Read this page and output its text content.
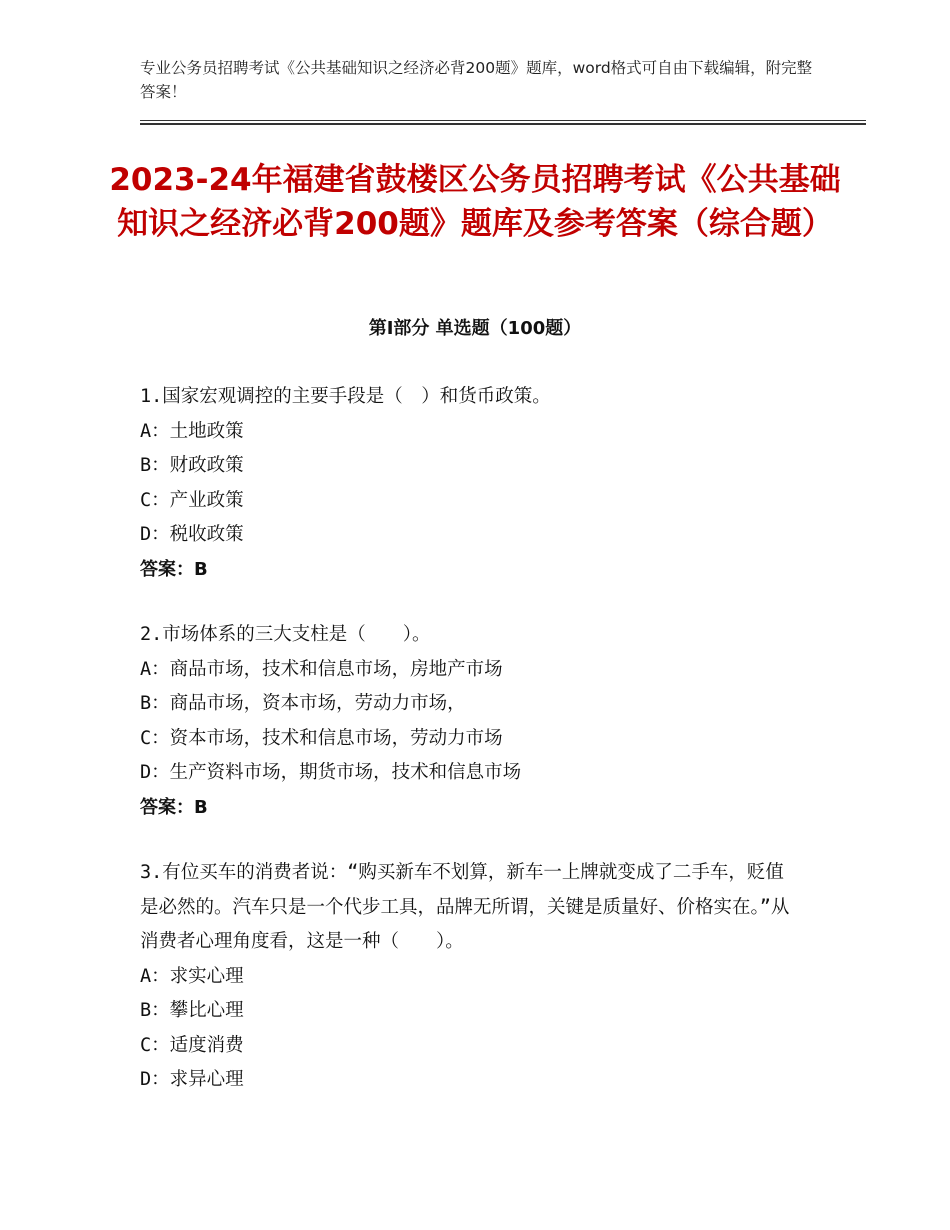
专业公务员招聘考试《公共基础知识之经济必背200题》题库，word格式可自由下载编辑，附完整答案！
2023-24年福建省鼓楼区公务员招聘考试《公共基础知识之经济必背200题》题库及参考答案（综合题）
第Ⅰ部分 单选题（100题）
1.国家宏观调控的主要手段是（　）和货币政策。
A：土地政策
B：财政政策
C：产业政策
D：税收政策
答案：B
2.市场体系的三大支柱是（　　）。
A：商品市场，技术和信息市场，房地产市场
B：商品市场，资本市场，劳动力市场，
C：资本市场，技术和信息市场，劳动力市场
D：生产资料市场，期货市场，技术和信息市场
答案：B
3.有位买车的消费者说：“购买新车不划算，新车一上牌就变成了二手车，贬值是必然的。汽车只是一个代步工具，品牌无所谓，关键是质量好、价格实在。”从消费者心理角度看，这是一种（　　）。
A：求实心理
B：攀比心理
C：适度消费
D：求异心理
